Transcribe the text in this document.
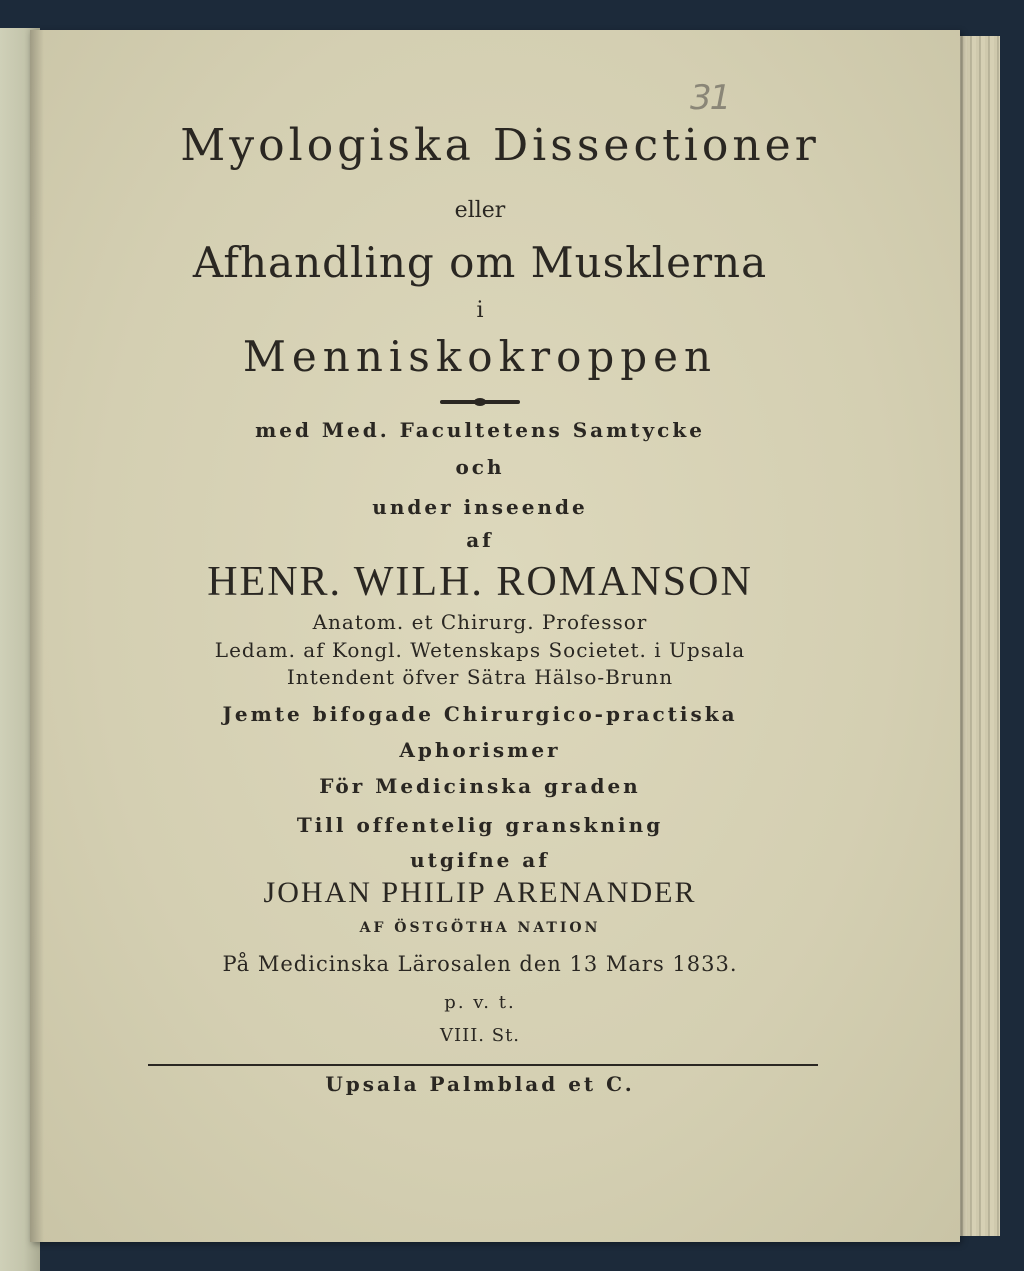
31
Myologiska Dissectioner
eller
Afhandling om Musklerna
i
Menniskokroppen
med Med. Facultetens Samtycke
och
under inseende
af
HENR. WILH. ROMANSON
Anatom. et Chirurg. Professor
Ledam. af Kongl. Wetenskaps Societet. i Upsala
Intendent öfver Sätra Hälso-Brunn
Jemte bifogade Chirurgico-practiska
Aphorismer
För Medicinska graden
Till offentelig granskning
utgifne af
JOHAN PHILIP ARENANDER
AF ÖSTGÖTHA NATION
På Medicinska Lärosalen den 13 Mars 1833.
p. v. t.
VIII. St.
Upsala Palmblad et C.
